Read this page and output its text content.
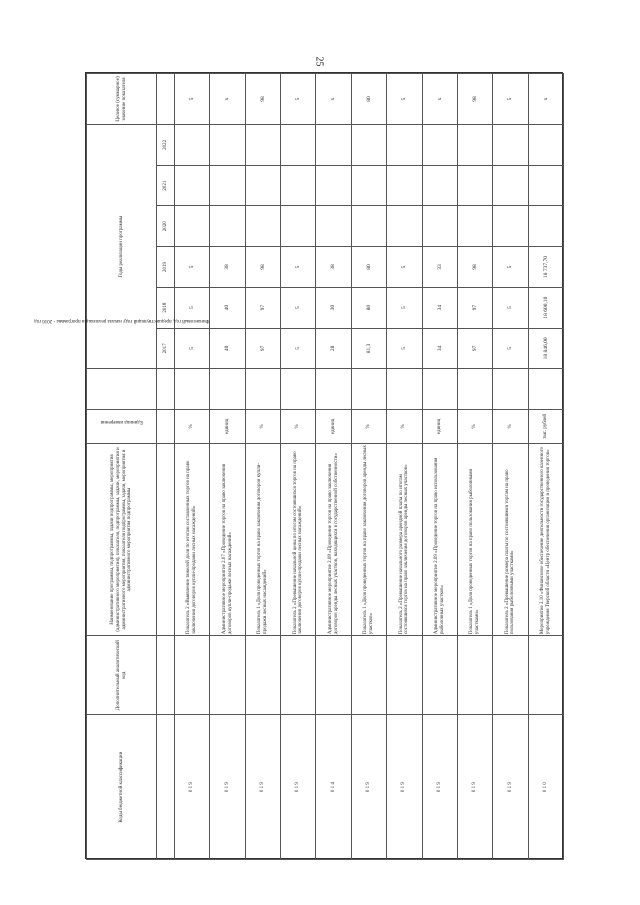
25
Коды бюджетной классификации	Дополнительный аналитический код	Наименование программы, подпрограммы, задачи подпрограммы, мероприятия (административного мероприятия), показателя, подпрограммы, задачи, мероприятия и административного мероприятия, показателя подпрограммы, задачи, мероприятия и административного мероприятия подпрограммы	Единица измерения	Финансовый год, предшествующий году начала реализации программы - 2016 год	Годы реализации программы						Целевое (суммарное) значение показателя
					2017	2018	2019	2020	2021	2022	
0 1 9		Показатель 2 «Выявление тяжелой доли по итогам составленных торгов на право заключения договоров купли-продажи лесных насаждений»	%		5	5	5				5
0 1 9		Административное мероприятие 2.07 «Проведение торгов на право заключения договоров купли-продажи лесных насаждений»	единиц		40	40	38				x
0 1 9		Показатель 1 «Доля проведенных торгов на право заключения договоров купли-продажи лесных насаждений»	%		97	97	98				98
0 1 9		Показатель 2 «Превышение начальной цены по итогам состоявшихся торгов на право заключения договоров купли-продажи лесных насаждений»	%		5	5	5				5
0 1 4		Административное мероприятие 2.08 «Проведение торгов на право заключения договоров аренды лесных участков, находящихся в государственной собственности»	единиц		28	30	38				x
0 1 9		Показатель 1 «Доля проведенных торгов на право заключения договоров аренды лесных участков»	%		81,3	80	80				80
0 1 9		Показатель 2 «Превышение начального размера арендной платы по итогам состоявшихся торгов на право заключения договоров аренды лесных участков»	%		5	5	5				5
0 1 9		Административное мероприятие 2.09 «Проведение торгов на право использования рыболовных участков»	единиц		34	34	33				x
0 1 9		Показатель 1 «Доля проведенных торгов на право пользования рыболовными участками»	%		97	97	98				98
0 1 9		Показатель 2 «Превышение размера платы по состоявшимся торгам на право пользования рыболовными участками»	%		5	5	5				5
0 1 0		Мероприятие 2.10 «Финансовое обеспечение деятельности государственного казенного учреждения Тверской области «Центр обеспечения организации и проведения торгов»	тыс. рублей		18 846,00	18 600,10	18 737,70				x
